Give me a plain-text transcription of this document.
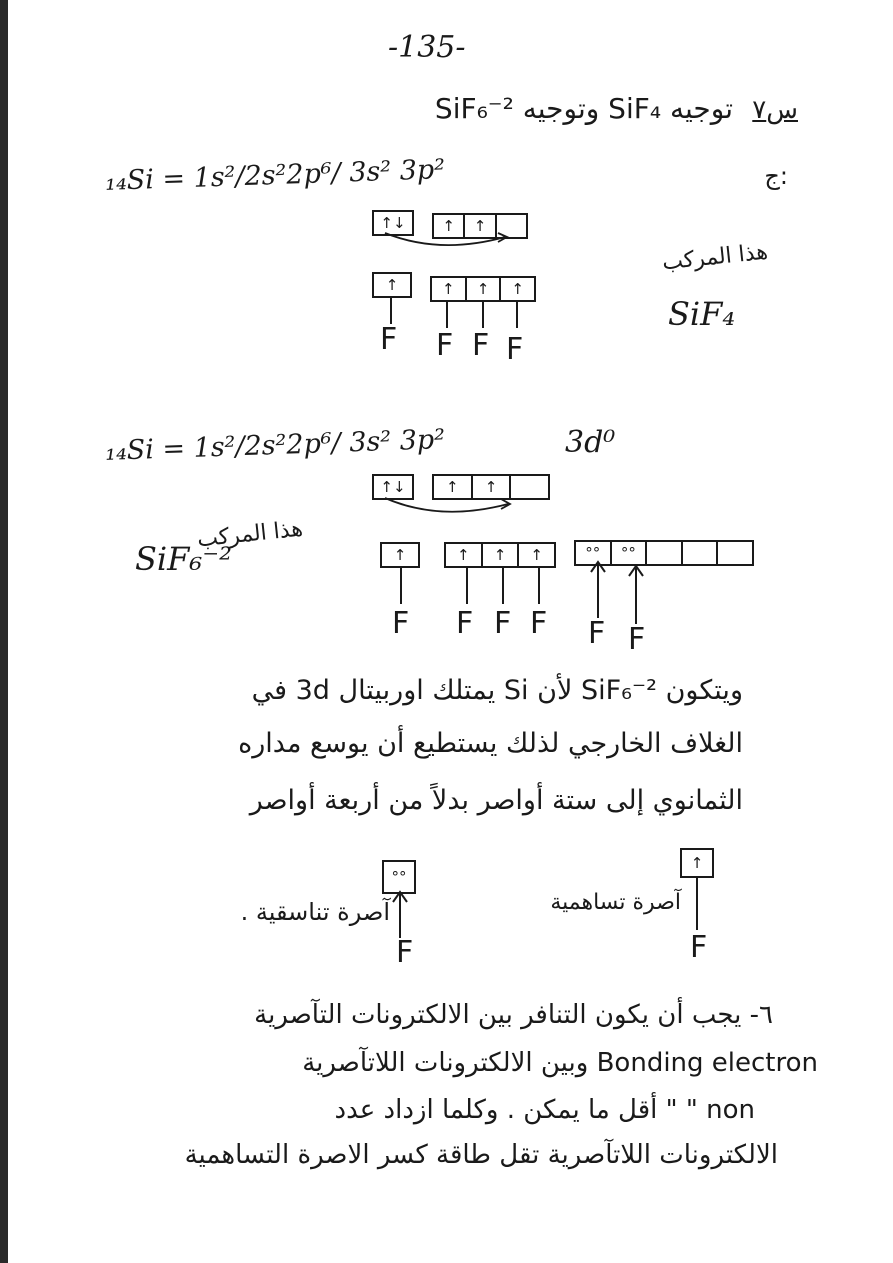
-135-
س٧
توجيه SiF₄ وتوجيه SiF₆⁻²
:ج
₁₄Si = 1s²/2s²2p⁶/ 3s² 3p²
↑↓	↑	↑
↑	↑	↑	↑
F F F F
هذا المركب
SiF₄
₁₄Si = 1s²/2s²2p⁶/ 3s² 3p²	3d⁰
↑↓	↑	↑
هذا المركب
SiF₆⁻²	↑	↑	↑	↑	°°	°°
F F F F F F
ويتكون SiF₆⁻² لأن Si يمتلك اوربيتال 3d في
الغلاف الخارجي لذلك يستطيع أن يوسع مداره
الثمانوي إلى ستة أواصر بدلاً من أربعة أواصر
°°
F
آصرة تناسقية .
↑
F
آصرة تساهمية
٦- يجب أن يكون التنافر بين الالكترونات التآصرية
Bonding electron وبين الالكترونات اللاتآصرية
non " " أقل ما يمكن . وكلما ازداد عدد
الالكترونات اللاتآصرية تقل طاقة كسر الاصرة التساهمية
